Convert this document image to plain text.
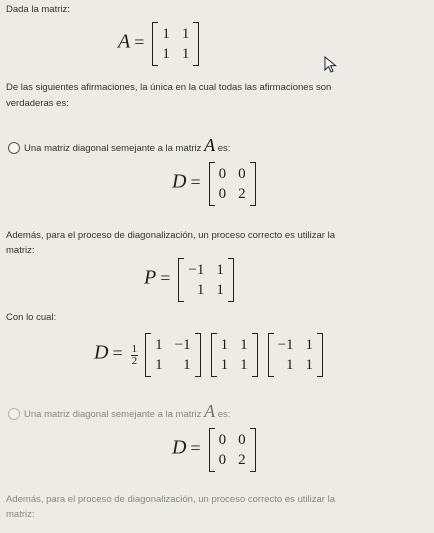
Dada la matriz:
A = 1 1
1 1
De las siguientes afirmaciones, la única en la cual todas las afirmaciones son
verdaderas es:
Una matriz diagonal semejante a la matriz A es:
D = 0 0
0 2
Además, para el proceso de diagonalización, un proceso correcto es utilizar la
matriz:
P = −1 1
1 1
Con lo cual:
$D = \frac{1}{2}$
1 −1
1	1

1 1
1 1

−1 1
1 1
Una matriz diagonal semejante a la matriz A es:
D = 0 0
0 2
Además, para el proceso de diagonalización, un proceso correcto es utilizar la
matriz:
